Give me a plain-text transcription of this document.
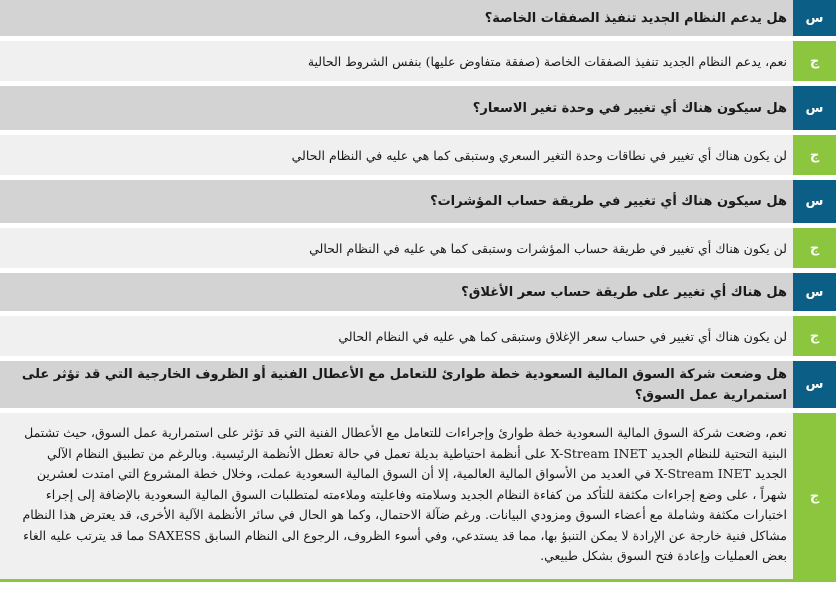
س
هل يدعم النظام الجديد تنفيذ الصفقات الخاصة؟
ج
نعم، يدعم النظام الجديد تنفيذ الصفقات الخاصة (صفقة متفاوض عليها) بنفس الشروط الحالية
س
هل سيكون هناك أي تغيير في وحدة تغير الاسعار؟
ج
لن يكون هناك أي تغيير في نطاقات وحدة التغير السعري وستبقى كما هي عليه في النظام الحالي
س
هل سيكون هناك أي تغيير في طريقة حساب المؤشرات؟
ج
لن يكون هناك أي تغيير في طريقة حساب المؤشرات وستبقى كما هي عليه في النظام الحالي
س
هل هناك أي تغيير على طريقة حساب سعر الأغلاق؟
ج
لن يكون هناك أي تغيير في حساب سعر الإغلاق وستبقى كما هي عليه في النظام الحالي
س
هل وضعت شركة السوق المالية السعودية خطة طوارئ للتعامل مع الأعطال الفنية أو الظروف الخارجية التي قد تؤثر على استمرارية عمل السوق؟
ج
نعم، وضعت شركة السوق المالية السعودية خطة طوارئ وإجراءات للتعامل مع الأعطال الفنية التي قد تؤثر على استمرارية عمل السوق، حيث تشتمل البنية التحتية للنظام الجديد X-Stream INET على أنظمة احتياطية بديلة تعمل في حالة تعطل الأنظمة الرئيسية. وبالرغم من تطبيق النظام الآلي الجديد X-Stream INET في العديد من الأسواق المالية العالمية، إلا أن السوق المالية السعودية عملت، وخلال خطة المشروع التي امتدت لعشرين شهراً ، على وضع إجراءات مكثفة للتأكد من كفاءة النظام الجديد وسلامته وفاعليته وملاءمته لمتطلبات السوق المالية السعودية بالإضافة إلى إجراء اختبارات مكثفة وشاملة مع أعضاء السوق ومزودي البيانات. ورغم ضآلة الاحتمال، وكما هو الحال في سائر الأنظمة الآلية الأخرى، قد يعترض هذا النظام مشاكل فنية خارجة عن الإرادة لا يمكن التنبؤ بها، مما قد يستدعي، وفي أسوء الظروف، الرجوع الى النظام السابق SAXESS مما قد يترتب عليه الغاء بعض العمليات وإعادة فتح السوق بشكل طبيعي.
